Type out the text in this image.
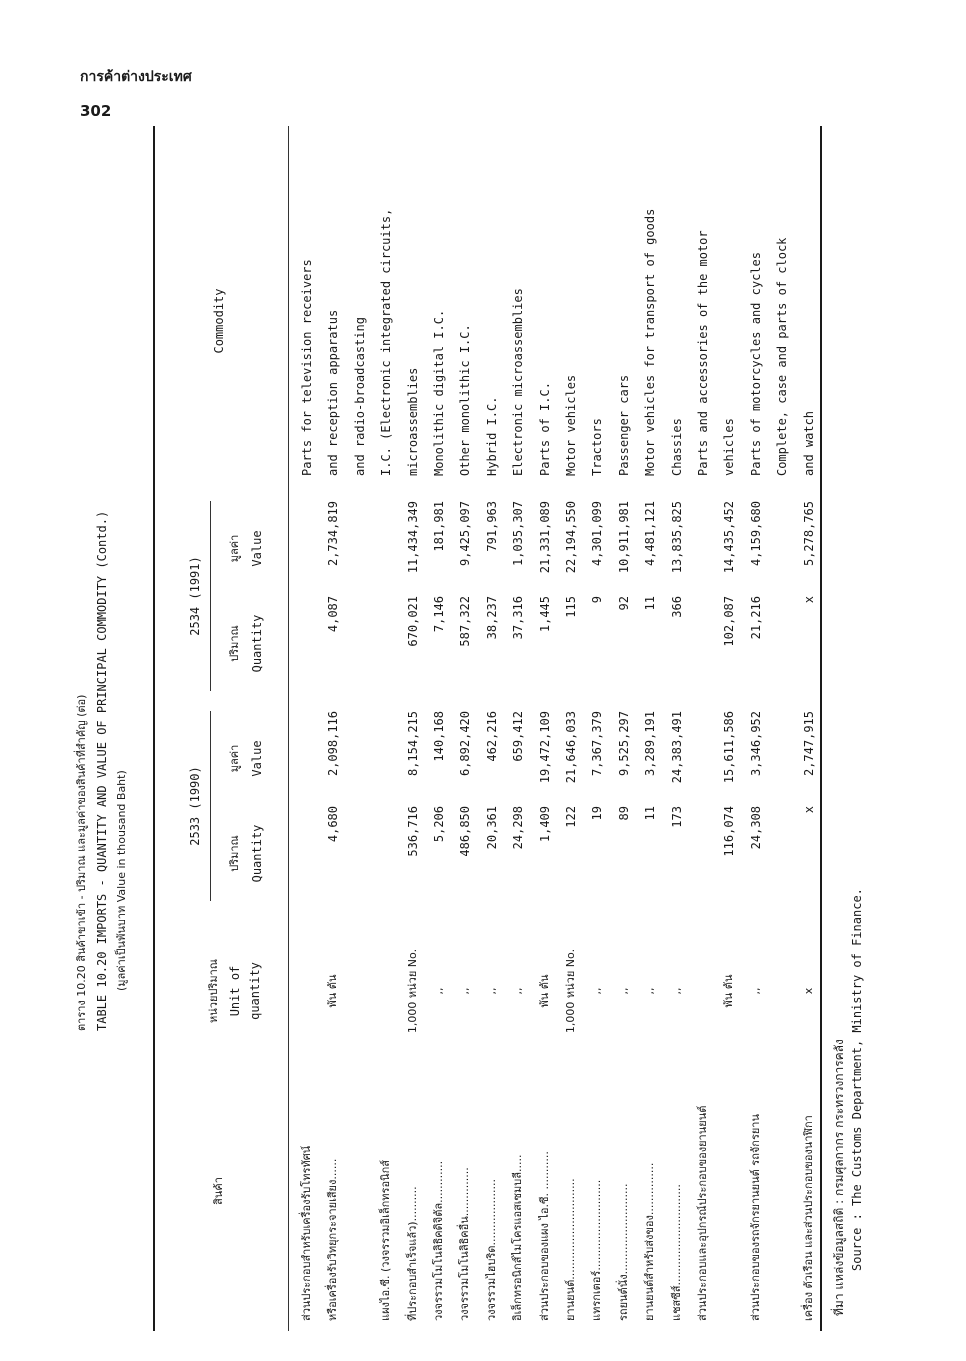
การค้าต่างประเทศ
302
ตาราง 10.20 สินค้าขาเข้า - ปริมาณ และมูลค่าของสินค้าที่สำคัญ (ต่อ) TABLE 10.20 IMPORTS - QUANTITY AND VALUE OF PRINCIPAL COMMODITY (Contd.) (มูลค่าเป็นพันบาท Value in thousand Baht)
สินค้า
หน่วยปริมาณ Unit of quantity
2533 (1990)
2534 (1991)
ปริมาณ Quantity
มูลค่า Value
ปริมาณ Quantity
มูลค่า Value
Commodity
ส่วนประกอบสำหรับเครื่องรับโทรทัศน์
Parts for television receivers
หรือเครื่องรับวิทยุกระจายเสียง......
พัน ตัน
4,680
2,098,116
4,087
2,734,819
and reception apparatus and radio-broadcasting
แผงไอ.ซี. (วงจรรวมอิเล็กทรอนิกส์
I.C. (Electronic integrated circuits,
ที่ประกอบสำเร็จแล้ว)..........
1,000 หน่วย No.
536,716
8,154,215
670,021
11,434,349
microassemblies
วงจรรวมโมโนลิธิคดิจิตัล............
,,
5,206
140,168
7,146
181,981
Monolithic digital I.C.
วงจรรวมโมโนลิธิคอื่น..............
,,
486,850
6,892,420
587,322
9,425,097
Other monolithic I.C.
วงจรรวมไฮบริด...................
,,
20,361
462,216
38,237
791,963
Hybrid I.C.
อิเล็กทรอนิกส์ไมโครแอสเซมบลี.....
,,
24,298
659,412
37,316
1,035,307
Electronic microassemblies
ส่วนประกอบของแผง ไอ.ซี. ...........
พัน ตัน
1,409
19,472,109
1,445
21,331,089
Parts of I.C.
ยานยนต์.............................
1,000 หน่วย No.
122
21,646,033
115
22,194,550
Motor vehicles
แทรกเตอร์..........................
,,
19
7,367,379
9
4,301,099
Tractors
รถยนต์นั่ง..........................
,,
89
9,525,297
92
10,911,981
Passenger cars
ยานยนต์สำหรับส่งของ...............
,,
11
3,289,191
11
4,481,121
Motor vehicles for transport of goods
แชสซีส์.............................
,,
173
24,383,491
366
13,835,825
Chassies
ส่วนประกอบและอุปกรณ์ประกอบของยานยนต์
Parts and accessories of the motor
พัน ตัน
116,074
15,611,586
102,087
14,435,452
vehicles
ส่วนประกอบของรถจักรยานยนต์ รถจักรยาน
,,
24,308
3,346,952
21,216
4,159,680
Parts of motorcycles and cycles Complete, case and parts of clock
เครื่อง ตัวเรือน และส่วนประกอบของนาฬิกา
x
x
2,747,915
x
5,278,765
and watch
ที่มา แหล่งข้อมูลสถิติ : กรมศุลกากร กระทรวงการคลัง Source : The Customs Department, Ministry of Finance.
